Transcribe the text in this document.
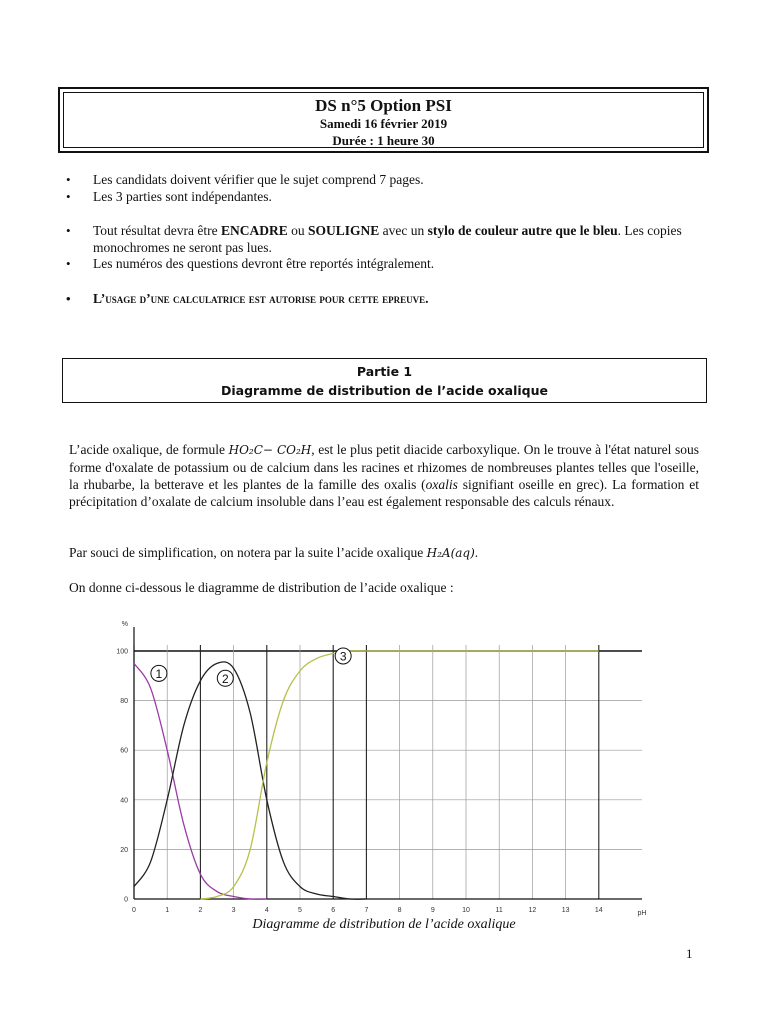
DS n°5 Option PSI
Samedi 16 février 2019
Durée : 1 heure 30
• Les candidats doivent vérifier que le sujet comprend 7 pages.
• Les 3 parties sont indépendantes.
• Tout résultat devra être ENCADRE ou SOULIGNE avec un stylo de couleur autre que le bleu. Les copies monochromes ne seront pas lues.
• Les numéros des questions devront être reportés intégralement.
• L’usage d’une calculatrice est autorise pour cette epreuve.
Partie 1
Diagramme de distribution de l’acide oxalique

L’acide oxalique, de formule HO₂C− CO₂H, est le plus petit diacide carboxylique. On le trouve à l'état naturel sous forme d'oxalate de potassium ou de calcium dans les racines et rhizomes de nombreuses plantes telles que l'oseille, la rhubarbe, la betterave et les plantes de la famille des oxalis (oxalis signifiant oseille en grec). La formation et précipitation d’oxalate de calcium insoluble dans l’eau est également responsable des calculs rénaux.

Par souci de simplification, on notera par la suite l’acide oxalique H₂A(aq).

On donne ci-dessous le diagramme de distribution de l’acide oxalique :

0
20
40
60
80
100
0	1	2	3	4	5	6	7	8	9	10	11	12	13	14
%
pH
1	2
3
Diagramme de distribution de l’acide oxalique
1
